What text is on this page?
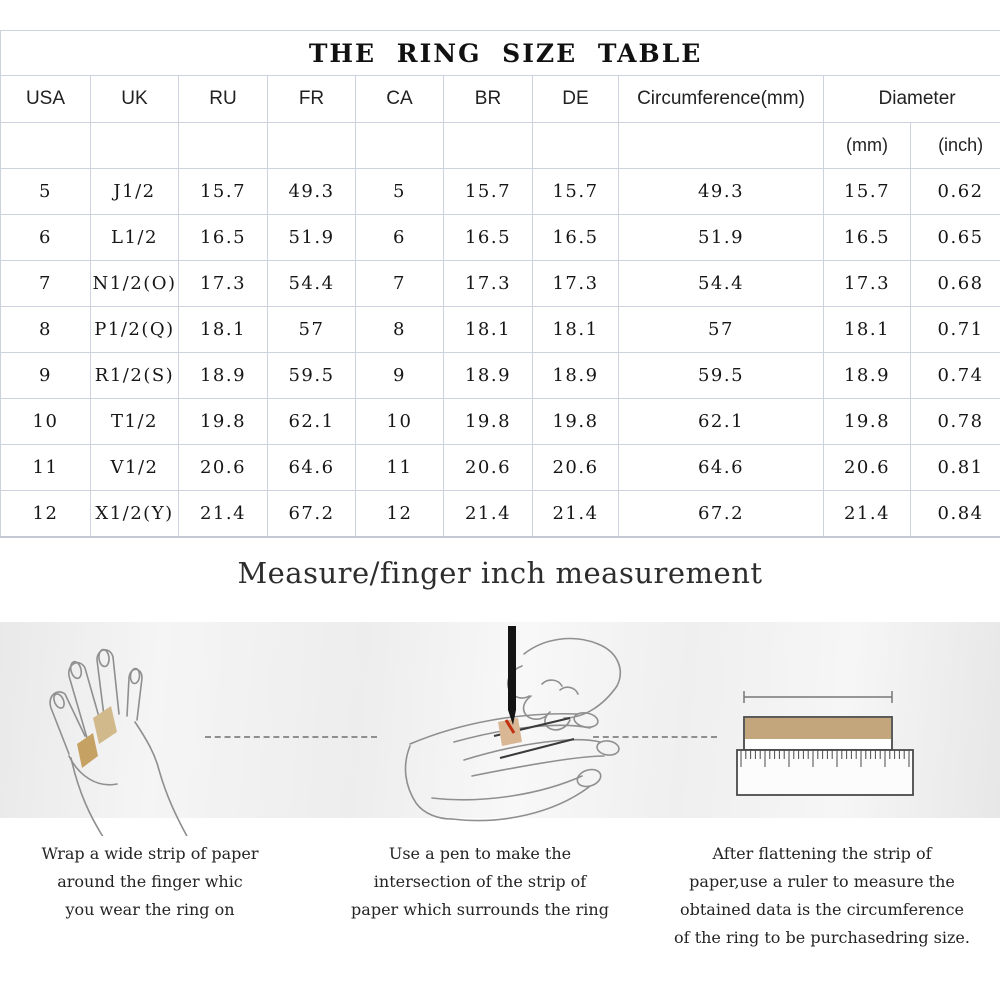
THE RING SIZE TABLE									
USA	UK	RU	FR	CA	BR	DE	Circumference(mm)	Diameter	
								(mm)	(inch)
5	J1/2	15.7	49.3	5	15.7	15.7	49.3	15.7	0.62
6	L1/2	16.5	51.9	6	16.5	16.5	51.9	16.5	0.65
7	N1/2(O)	17.3	54.4	7	17.3	17.3	54.4	17.3	0.68
8	P1/2(Q)	18.1	57	8	18.1	18.1	57	18.1	0.71
9	R1/2(S)	18.9	59.5	9	18.9	18.9	59.5	18.9	0.74
10	T1/2	19.8	62.1	10	19.8	19.8	62.1	19.8	0.78
11	V1/2	20.6	64.6	11	20.6	20.6	64.6	20.6	0.81
12	X1/2(Y)	21.4	67.2	12	21.4	21.4	67.2	21.4	0.84
Measure/finger inch measurement
Wrap a wide strip of paper
around the finger whic
you wear the ring on
Use a pen to make the
intersection of the strip of
paper which surrounds the ring
After flattening the strip of
paper,use a ruler to measure the
obtained data is the circumference
of the ring to be purchasedring size.
